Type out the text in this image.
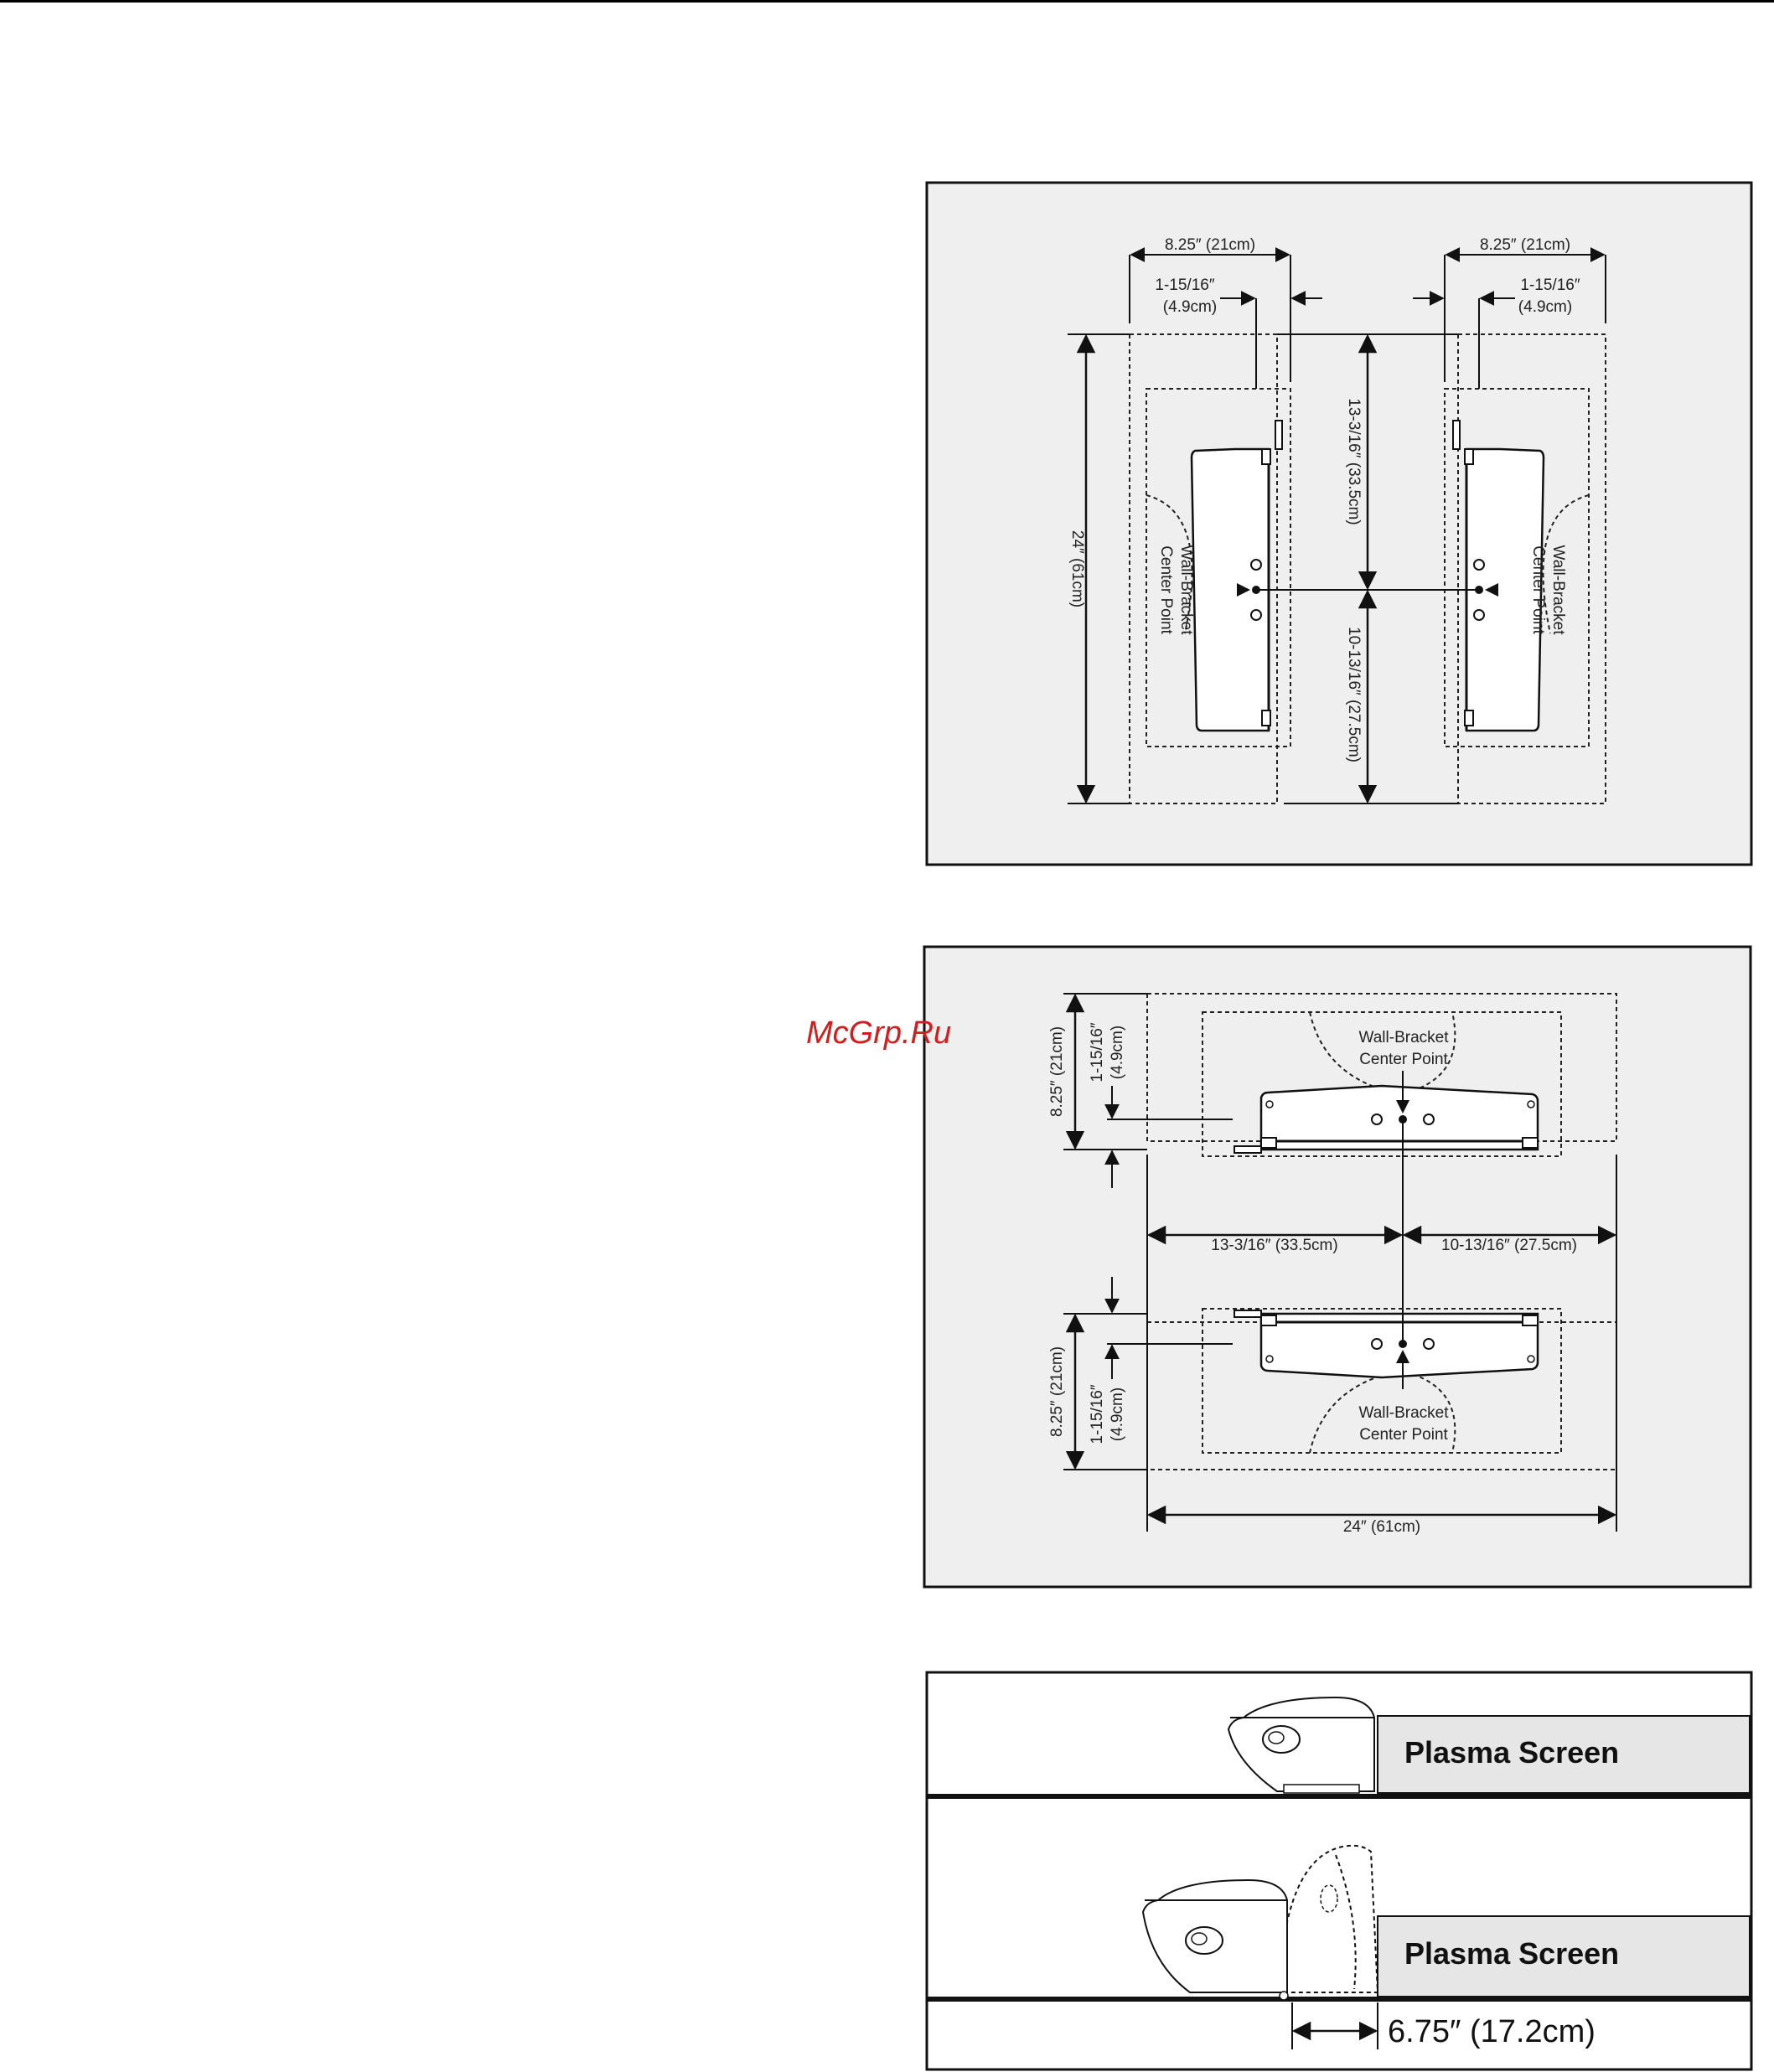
8.25″ (21cm)	8.25″ (21cm)
1-15/16″
(4.9cm)
1-15/16″
(4.9cm)
24″ (61cm)
13-3/16″ (33.5cm)
10-13/16″ (27.5cm)
Wall-Bracket
Center Point	Wall-Bracket
Center Point
Wall-Bracket
Center Point
Wall-Bracket
Center Point
13-3/16″ (33.5cm)	10-13/16″ (27.5cm)
24″ (61cm)
8.25″ (21cm) 1-15/16″ (4.9cm)
8.25″ (21cm) 1-15/16″ (4.9cm)
McGrp.Ru
Plasma Screen
Plasma Screen
6.75″ (17.2cm)
